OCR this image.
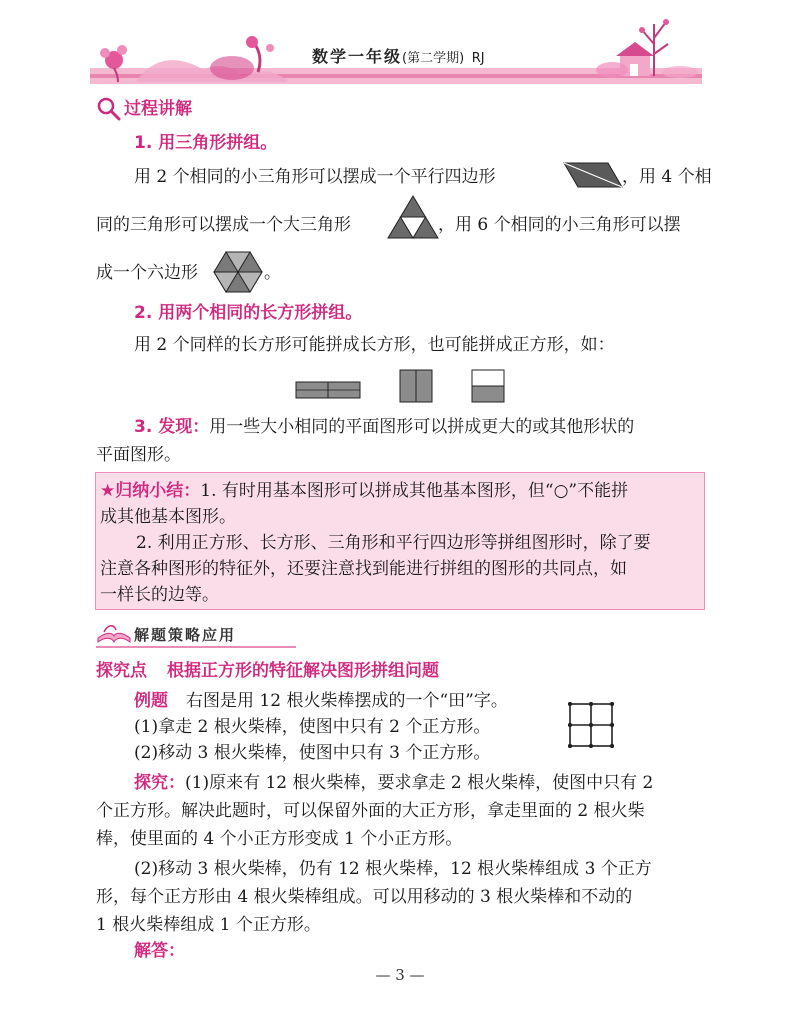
数学一年级(第二学期) RJ
过程讲解
1. 用三角形拼组。
用 2 个相同的小三角形可以摆成一个平行四边形	，用 4 个相
同的三角形可以摆成一个大三角形	，用 6 个相同的小三角形可以摆
成一个六边形	。
2. 用两个相同的长方形拼组。
用 2 个同样的长方形可能拼成长方形，也可能拼成正方形，如：
3. 发现：用一些大小相同的平面图形可以拼成更大的或其他形状的
平面图形。
★归纳小结：1. 有时用基本图形可以拼成其他基本图形，但“○”不能拼
成其他基本图形。
2. 利用正方形、长方形、三角形和平行四边形等拼组图形时，除了要
注意各种图形的特征外，还要注意找到能进行拼组的图形的共同点，如
一样长的边等。
解题策略应用
探究点 根据正方形的特征解决图形拼组问题
例题 右图是用 12 根火柴棒摆成的一个“田”字。
(1)拿走 2 根火柴棒，使图中只有 2 个正方形。
(2)移动 3 根火柴棒，使图中只有 3 个正方形。
探究：(1)原来有 12 根火柴棒，要求拿走 2 根火柴棒，使图中只有 2
个正方形。解决此题时，可以保留外面的大正方形，拿走里面的 2 根火柴
棒，使里面的 4 个小正方形变成 1 个小正方形。
(2)移动 3 根火柴棒，仍有 12 根火柴棒，12 根火柴棒组成 3 个正方
形，每个正方形由 4 根火柴棒组成。可以用移动的 3 根火柴棒和不动的
1 根火柴棒组成 1 个正方形。
解答：
— 3 —
